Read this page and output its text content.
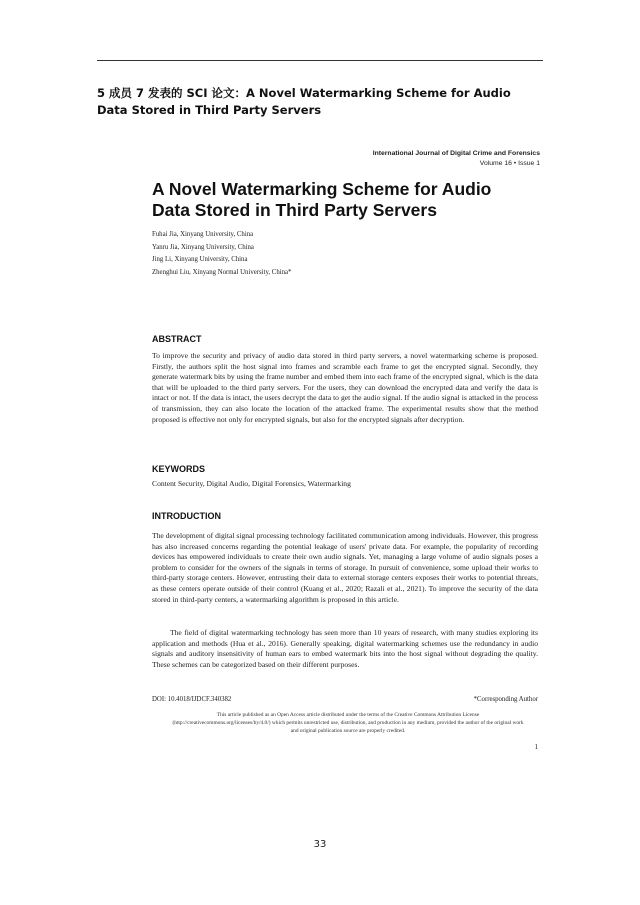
5 成员 7 发表的 SCI 论文：A Novel Watermarking Scheme for Audio Data Stored in Third Party Servers
International Journal of Digital Crime and Forensics
Volume 16 • Issue 1
A Novel Watermarking Scheme for Audio Data Stored in Third Party Servers
Fuhai Jia, Xinyang University, China
Yanru Jia, Xinyang University, China
Jing Li, Xinyang University, China
Zhenghui Liu, Xinyang Normal University, China*
ABSTRACT
To improve the security and privacy of audio data stored in third party servers, a novel watermarking scheme is proposed. Firstly, the authors split the host signal into frames and scramble each frame to get the encrypted signal. Secondly, they generate watermark bits by using the frame number and embed them into each frame of the encrypted signal, which is the data that will be uploaded to the third party servers. For the users, they can download the encrypted data and verify the data is intact or not. If the data is intact, the users decrypt the data to get the audio signal. If the audio signal is attacked in the process of transmission, they can also locate the location of the attacked frame. The experimental results show that the method proposed is effective not only for encrypted signals, but also for the encrypted signals after decryption.
KEYWORDS
Content Security, Digital Audio, Digital Forensics, Watermarking
INTRODUCTION
The development of digital signal processing technology facilitated communication among individuals. However, this progress has also increased concerns regarding the potential leakage of users' private data. For example, the popularity of recording devices has empowered individuals to create their own audio signals. Yet, managing a large volume of audio signals poses a problem to consider for the owners of the signals in terms of storage. In pursuit of convenience, some upload their works to third-party storage centers. However, entrusting their data to external storage centers exposes their works to potential threats, as these centers operate outside of their control (Kuang et al., 2020; Razali et al., 2021). To improve the security of the data stored in third-party centers, a watermarking algorithm is proposed in this article.
The field of digital watermarking technology has seen more than 10 years of research, with many studies exploring its application and methods (Hua et al., 2016). Generally speaking, digital watermarking schemes use the redundancy in audio signals and auditory insensitivity of human ears to embed watermark bits into the host signal without degrading the quality. These schemes can be categorized based on their different purposes.
DOI: 10.4018/IJDCF.340382	*Corresponding Author
This article published as an Open Access article distributed under the terms of the Creative Commons Attribution License (http://creativecommons.org/licenses/by/4.0/) which permits unrestricted use, distribution, and production in any medium, provided the author of the original work and original publication source are properly credited.
1
33
